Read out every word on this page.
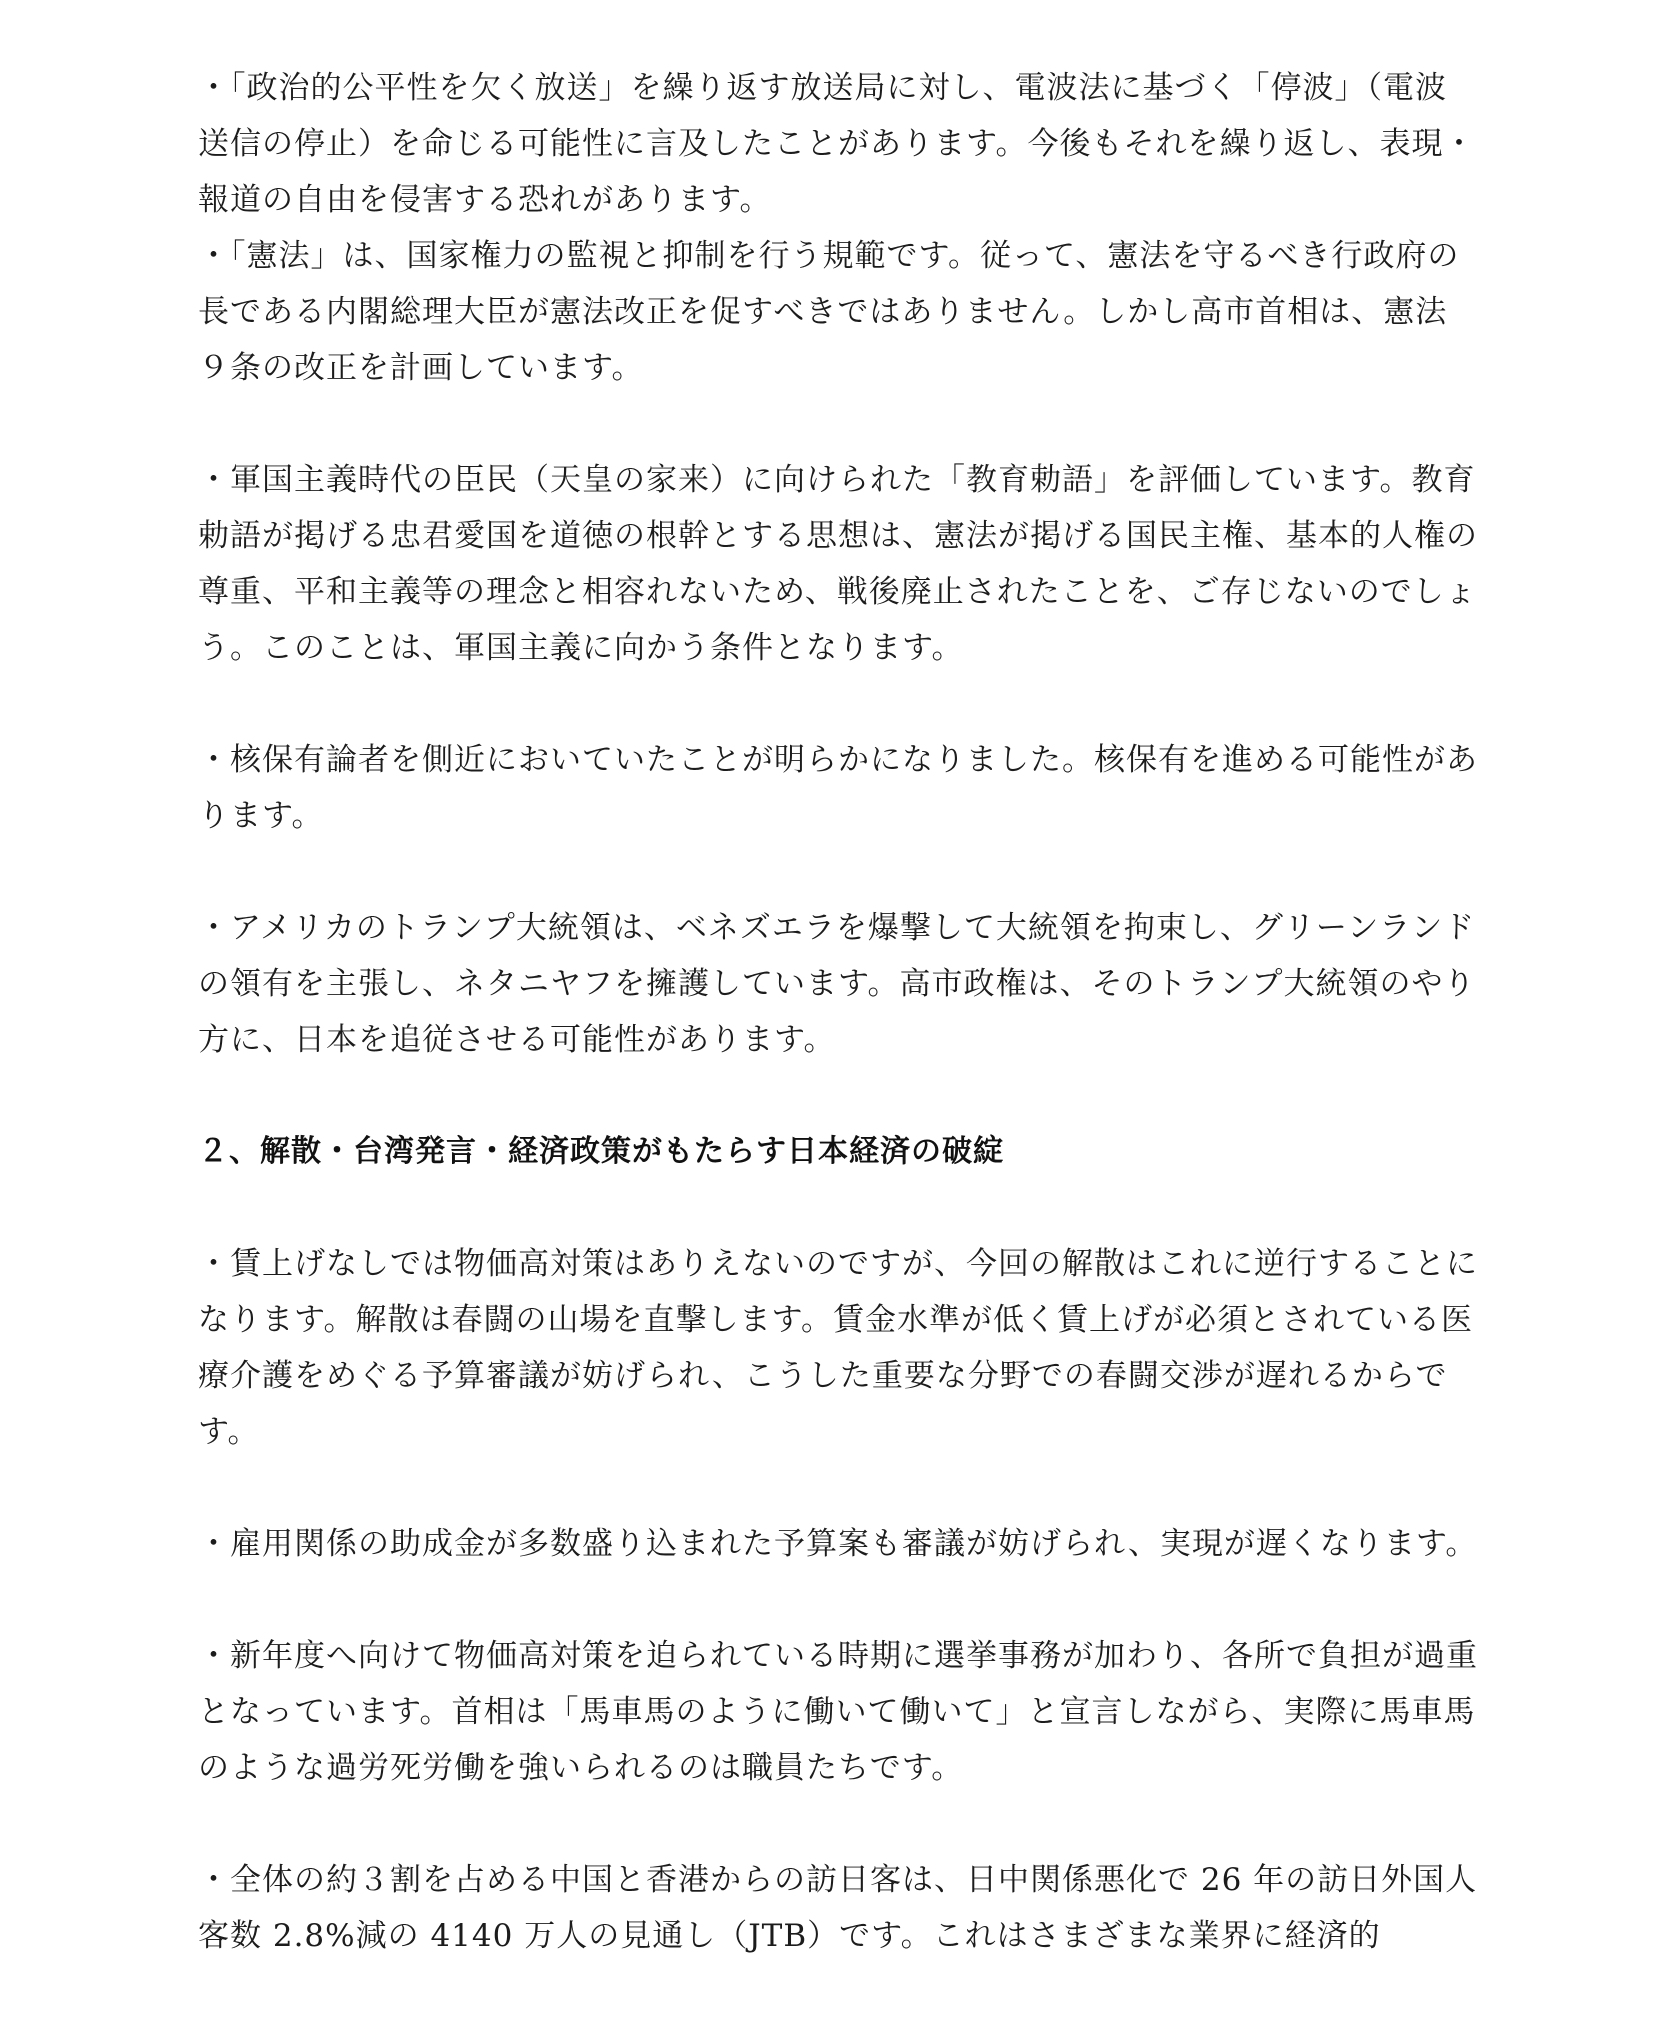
・「政治的公平性を欠く放送」を繰り返す放送局に対し、電波法に基づく「停波」（電波送信の停止）を命じる可能性に言及したことがあります。今後もそれを繰り返し、表現・報道の自由を侵害する恐れがあります。

・「憲法」は、国家権力の監視と抑制を行う規範です。従って、憲法を守るべき行政府の長である内閣総理大臣が憲法改正を促すべきではありません。しかし高市首相は、憲法９条の改正を計画しています。

・軍国主義時代の臣民（天皇の家来）に向けられた「教育勅語」を評価しています。教育勅語が掲げる忠君愛国を道徳の根幹とする思想は、憲法が掲げる国民主権、基本的人権の尊重、平和主義等の理念と相容れないため、戦後廃止されたことを、ご存じないのでしょう。このことは、軍国主義に向かう条件となります。

・核保有論者を側近においていたことが明らかになりました。核保有を進める可能性があります。

・アメリカのトランプ大統領は、ベネズエラを爆撃して大統領を拘束し、グリーンランドの領有を主張し、ネタニヤフを擁護しています。高市政権は、そのトランプ大統領のやり方に、日本を追従させる可能性があります。

２、解散・台湾発言・経済政策がもたらす日本経済の破綻

・賃上げなしでは物価高対策はありえないのですが、今回の解散はこれに逆行することになります。解散は春闘の山場を直撃します。賃金水準が低く賃上げが必須とされている医療介護をめぐる予算審議が妨げられ、こうした重要な分野での春闘交渉が遅れるからです。

・雇用関係の助成金が多数盛り込まれた予算案も審議が妨げられ、実現が遅くなります。

・新年度へ向けて物価高対策を迫られている時期に選挙事務が加わり、各所で負担が過重となっています。首相は「馬車馬のように働いて働いて」と宣言しながら、実際に馬車馬のような過労死労働を強いられるのは職員たちです。

・全体の約３割を占める中国と香港からの訪日客は、日中関係悪化で 26 年の訪日外国人客数 2.8%減の 4140 万人の見通し（JTB）です。これはさまざまな業界に経済的
